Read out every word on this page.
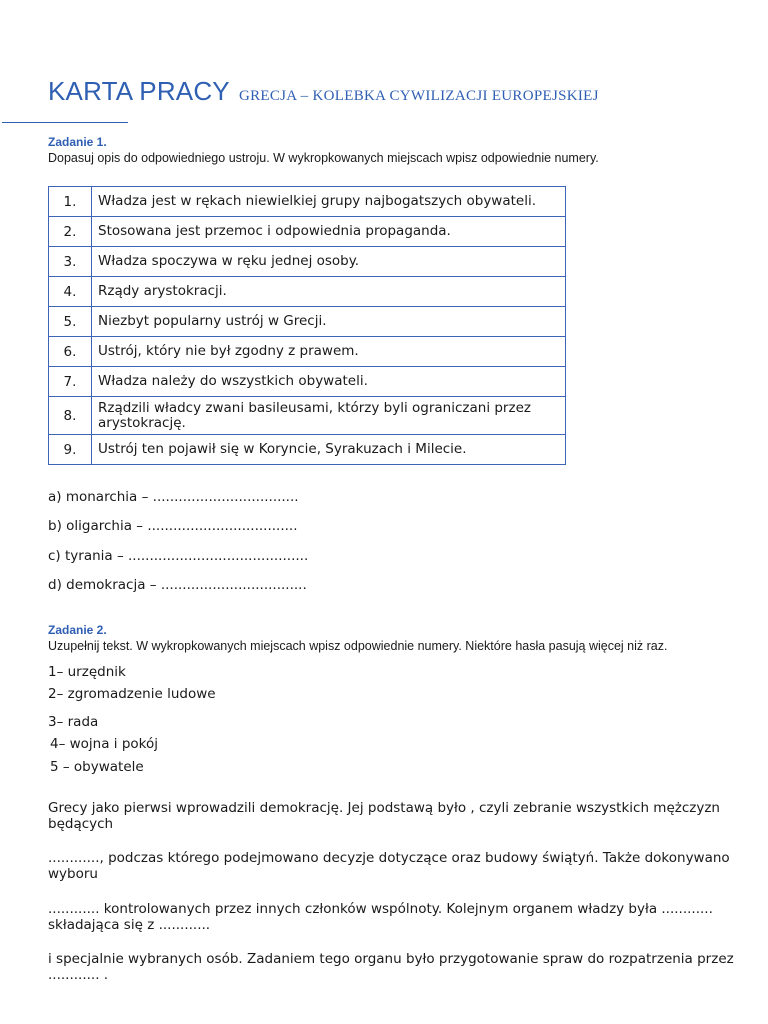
KARTA PRACY GRECJA – KOLEBKA CYWILIZACJI EUROPEJSKIEJ
Zadanie 1.
Dopasuj opis do odpowiedniego ustroju. W wykropkowanych miejscach wpisz odpowiednie numery.
1.	Władza jest w rękach niewielkiej grupy najbogatszych obywateli.
2.	Stosowana jest przemoc i odpowiednia propaganda.
3.	Władza spoczywa w ręku jednej osoby.
4.	Rządy arystokracji.
5.	Niezbyt popularny ustrój w Grecji.
6.	Ustrój, który nie był zgodny z prawem.
7.	Władza należy do wszystkich obywateli.
8.	Rządzili władcy zwani basileusami, którzy byli ograniczani przez arystokrację.
9.	Ustrój ten pojawił się w Koryncie, Syrakuzach i Milecie.
a) monarchia – ..................................
b) oligarchia – ...................................
c) tyrania – ..........................................
d) demokracja – ..................................
Zadanie 2.
Uzupełnij tekst. W wykropkowanych miejscach wpisz odpowiednie numery. Niektóre hasła pasują więcej niż raz.
1– urzędnik
2– zgromadzenie ludowe
3– rada
4– wojna i pokój
5 – obywatele
Grecy jako pierwsi wprowadzili demokrację. Jej podstawą było , czyli zebranie wszystkich mężczyzn będących
............, podczas którego podejmowano decyzje dotyczące oraz budowy świątyń. Także dokonywano wyboru
............ kontrolowanych przez innych członków wspólnoty. Kolejnym organem władzy była ............ składająca się z ............
i specjalnie wybranych osób. Zadaniem tego organu było przygotowanie spraw do rozpatrzenia przez ............ .
